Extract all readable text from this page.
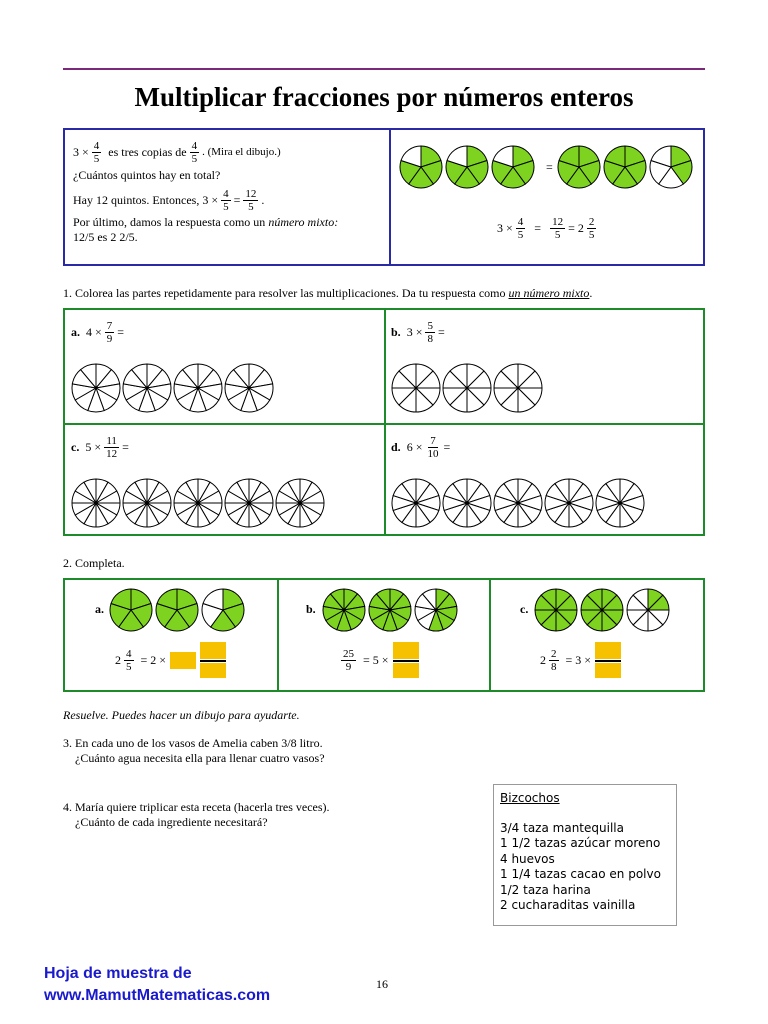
Multiplicar fracciones por números enteros
$3 \times \frac{4}{5}$ es tres copias de $\frac{4}{5}$ . (Mira el dibujo.)
¿Cuántos quintos hay en total?
Hay 12 quintos. Entonces, $3 \times \frac{4}{5} = \frac{12}{5}$ .
Por último, damos la respuesta como un número mixto:
12/5 es 2 2/5.
=
$3 \times \frac{4}{5} = \frac{12}{5} = 2 \frac{2}{5}$
1. Colorea las partes repetidamente para resolver las multiplicaciones. Da tu respuesta como un número mixto.
a.
$4 \times \frac{7}{9}$ =	b.
$3 \times \frac{5}{8}$ =
c.
$5 \times \frac{11}{12}$ =	d.
$6 \times \frac{7}{10}$ =
2. Completa.
a.
$2 \frac{4}{5} = 2$ ×
b.
$\frac{25}{9} = 5$ ×
c.
$2 \frac{2}{8} = 3$ ×
Resuelve. Puedes hacer un dibujo para ayudarte.
3. En cada uno de los vasos de Amelia caben 3/8 litro.
¿Cuánto agua necesita ella para llenar cuatro vasos?
4. María quiere triplicar esta receta (hacerla tres veces).
¿Cuánto de cada ingrediente necesitará?
Bizcochos
3/4 taza mantequilla
1 1/2 tazas azúcar moreno
4 huevos
1 1/4 tazas cacao en polvo
1/2 taza harina
2 cucharaditas vainilla
Hoja de muestra de
www.MamutMatematicas.com
16
